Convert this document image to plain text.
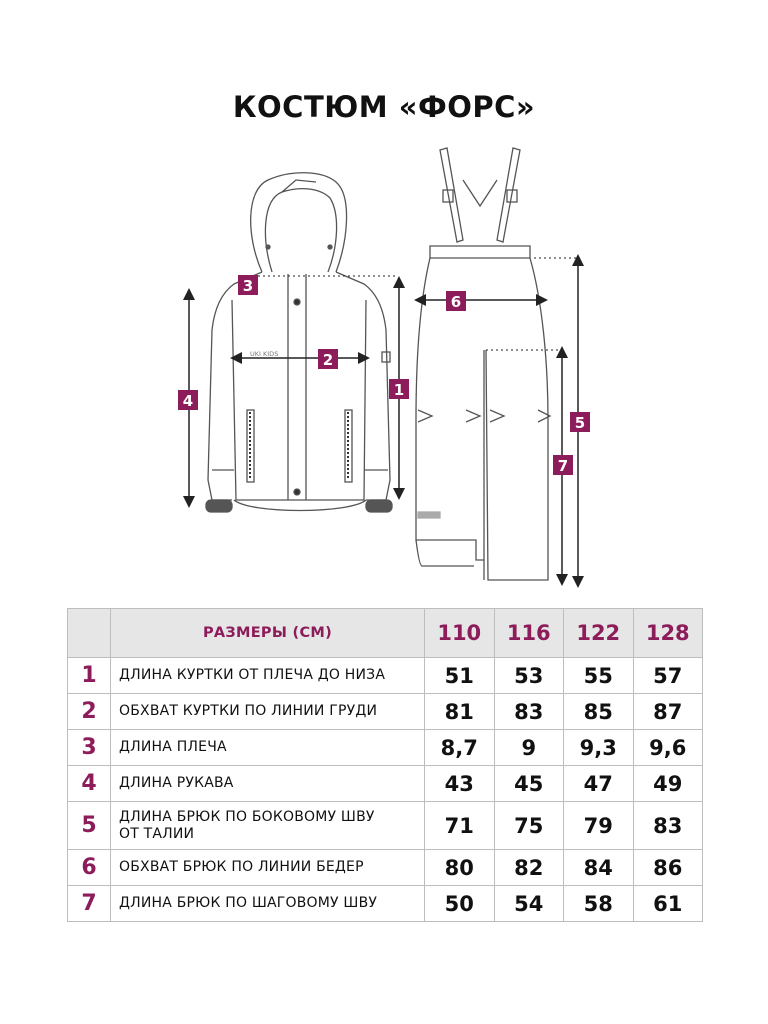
КОСТЮМ «ФОРС»
UKI KIDS
1
2
3
4
5
6
7
	РАЗМЕРЫ (СМ)	110	116	122	128
1	ДЛИНА КУРТКИ ОТ ПЛЕЧА ДО НИЗА	51	53	55	57
2	ОБХВАТ КУРТКИ ПО ЛИНИИ ГРУДИ	81	83	85	87
3	ДЛИНА ПЛЕЧА	8,7	9	9,3	9,6
4	ДЛИНА РУКАВА	43	45	47	49
5	ДЛИНА БРЮК ПО БОКОВОМУ ШВУ
ОТ ТАЛИИ	71	75	79	83
6	ОБХВАТ БРЮК ПО ЛИНИИ БЕДЕР	80	82	84	86
7	ДЛИНА БРЮК ПО ШАГОВОМУ ШВУ	50	54	58	61
